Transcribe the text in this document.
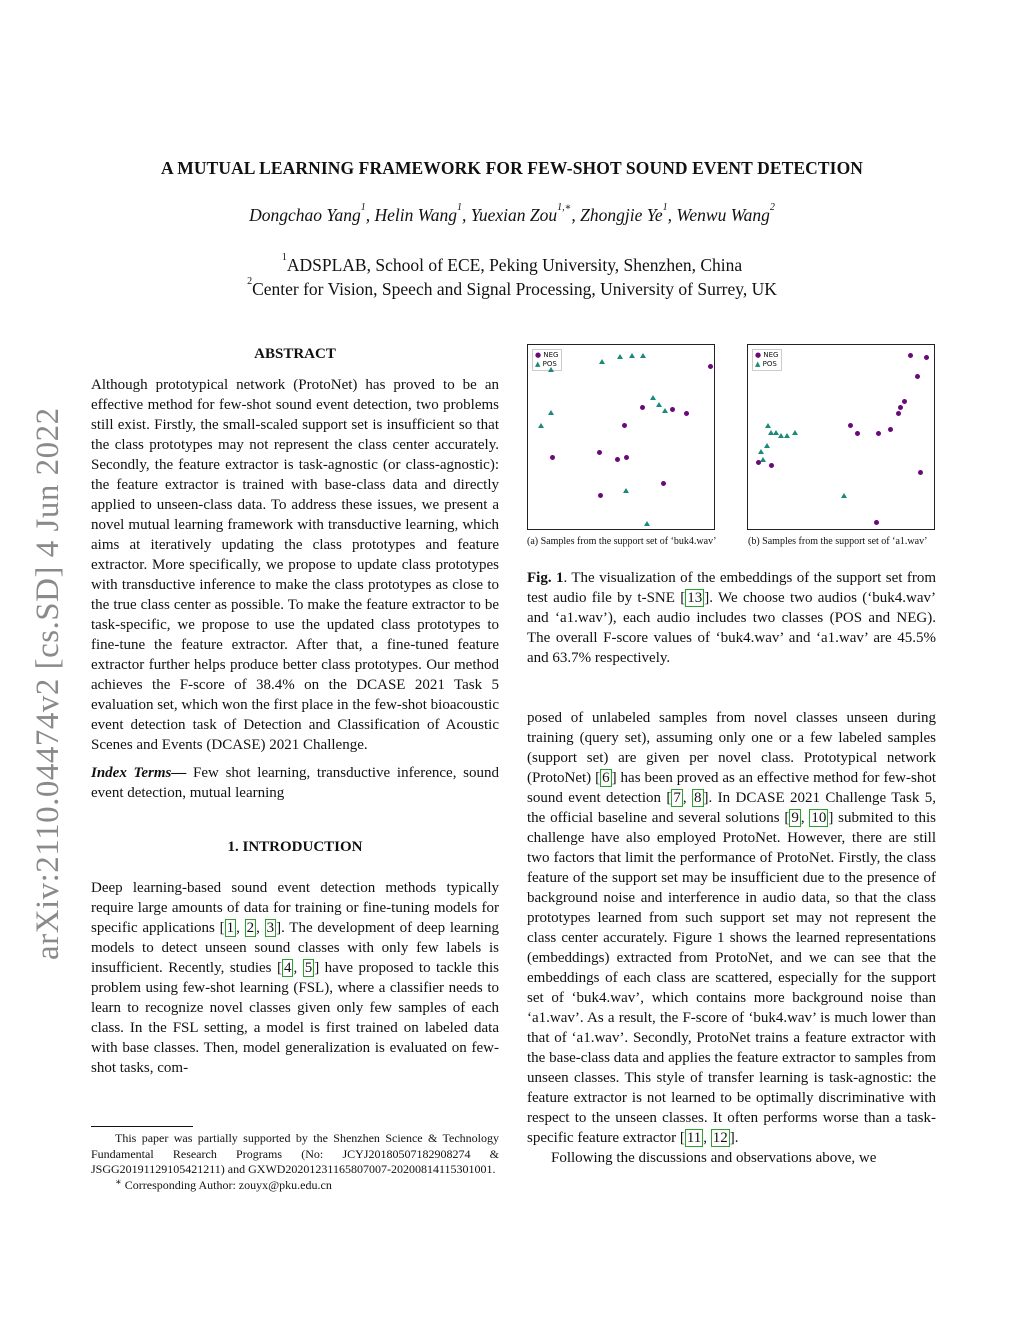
arXiv:2110.04474v2 [cs.SD] 4 Jun 2022
A MUTUAL LEARNING FRAMEWORK FOR FEW-SHOT SOUND EVENT DETECTION
Dongchao Yang$^1$, Helin Wang$^1$, Yuexian Zou$^{1,∗}$, Zhongjie Ye$^1$, Wenwu Wang$^2$
$^1$ADSPLAB, School of ECE, Peking University, Shenzhen, China
$^2$Center for Vision, Speech and Signal Processing, University of Surrey, UK
ABSTRACT

Although prototypical network (ProtoNet) has proved to be an effective method for few-shot sound event detection, two problems still exist. Firstly, the small-scaled support set is insufficient so that the class prototypes may not represent the class center accurately. Secondly, the feature extractor is task-agnostic (or class-agnostic): the feature extractor is trained with base-class data and directly applied to unseen-class data. To address these issues, we present a novel mutual learning framework with transductive learning, which aims at iteratively updating the class prototypes and feature extractor. More specifically, we propose to update class prototypes with transductive inference to make the class prototypes as close to the true class center as possible. To make the feature extractor to be task-specific, we propose to use the updated class prototypes to fine-tune the feature extractor. After that, a fine-tuned feature extractor further helps produce better class prototypes. Our method achieves the F-score of 38.4% on the DCASE 2021 Task 5 evaluation set, which won the first place in the few-shot bioacoustic event detection task of Detection and Classification of Acoustic Scenes and Events (DCASE) 2021 Challenge.

Index Terms— Few shot learning, transductive inference, sound event detection, mutual learning

1. INTRODUCTION

Deep learning-based sound event detection methods typically require large amounts of data for training or fine-tuning models for specific applications [ 1 , 2 , 3 ]. The development of deep learning models to detect unseen sound classes with only few labels is insufficient. Recently, studies [ 4 , 5 ] have proposed to tackle this problem using few-shot learning (FSL), where a classifier needs to learn to recognize novel classes given only few samples of each class. In the FSL setting, a model is first trained on labeled data with base classes. Then, model generalization is evaluated on few-shot tasks, com-

This paper was partially supported by the Shenzhen Science & Technology Fundamental Research Programs (No: JCYJ20180507182908274 & JSGG20191129105421211) and GXWD20201231165807007-20200814115301001.
∗ Corresponding Author: zouyx@pku.edu.cn
● NEG
▲ POS
(a) Samples from the support set of ‘buk4.wav’
● NEG
▲ POS
(b) Samples from the support set of ‘a1.wav’
Fig. 1. The visualization of the embeddings of the support set from test audio file by t-SNE [ 13 ]. We choose two audios (‘buk4.wav’ and ‘a1.wav’), each audio includes two classes (POS and NEG). The overall F-score values of ‘buk4.wav’ and ‘a1.wav’ are 45.5% and 63.7% respectively.

posed of unlabeled samples from novel classes unseen during training (query set), assuming only one or a few labeled samples (support set) are given per novel class. Prototypical network (ProtoNet) [ 6 ] has been proved as an effective method for few-shot sound event detection [ 7 , 8 ]. In DCASE 2021 Challenge Task 5, the official baseline and several solutions [ 9 , 10 ] submited to this challenge have also employed ProtoNet. However, there are still two factors that limit the performance of ProtoNet. Firstly, the class feature of the support set may be insufficient due to the presence of background noise and interference in audio data, so that the class prototypes learned from such support set may not represent the class center accurately. Figure 1 shows the learned representations (embeddings) extracted from ProtoNet, and we can see that the embeddings of each class are scattered, especially for the support set of ‘buk4.wav’, which contains more background noise than ‘a1.wav’. As a result, the F-score of ‘buk4.wav’ is much lower than that of ‘a1.wav’. Secondly, ProtoNet trains a feature extractor with the base-class data and applies the feature extractor to samples from unseen classes. This style of transfer learning is task-agnostic: the feature extractor is not learned to be optimally discriminative with respect to the unseen classes. It often performs worse than a task-specific feature extractor [ 11 , 12 ].

Following the discussions and observations above, we
